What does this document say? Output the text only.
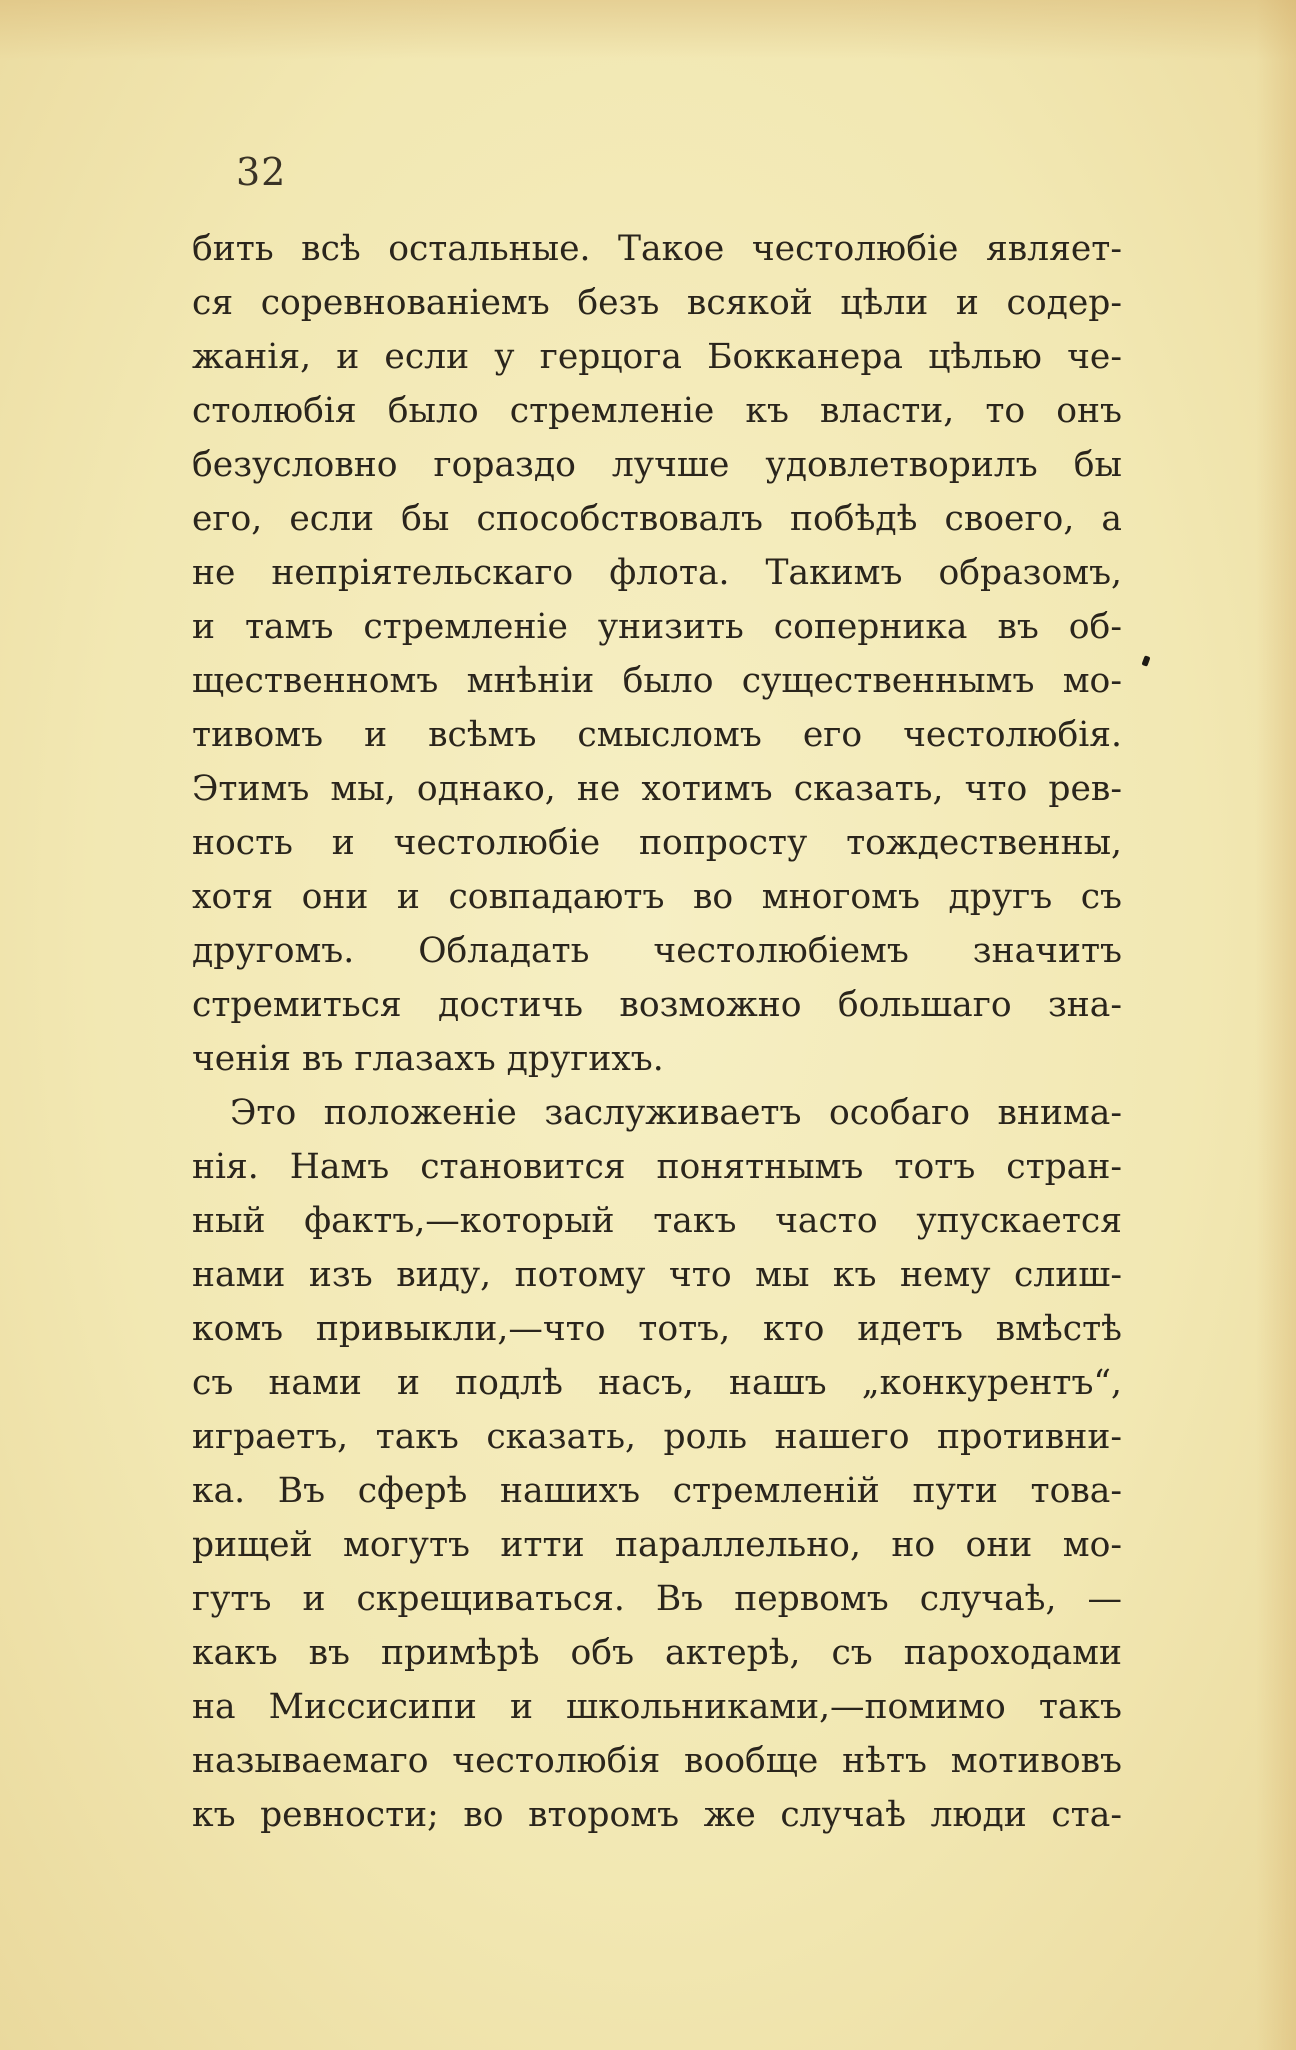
32
бить всѣ остальные. Такое честолюбіе являет-
ся соревнованіемъ безъ всякой цѣли и содер-
жанія, и если у герцога Бокканера цѣлью че-
столюбія было стремленіе къ власти, то онъ
безусловно гораздо лучше удовлетворилъ бы
его, если бы способствовалъ побѣдѣ своего, а
не непріятельскаго флота. Такимъ образомъ,
и тамъ стремленіе унизить соперника въ об-
щественномъ мнѣніи было существеннымъ мо-
тивомъ и всѣмъ смысломъ его честолюбія.
Этимъ мы, однако, не хотимъ сказать, что рев-
ность и честолюбіе попросту тождественны,
хотя они и совпадаютъ во многомъ другъ съ
другомъ. Обладать честолюбіемъ значитъ
стремиться достичь возможно большаго зна-
ченія въ глазахъ другихъ.
Это положеніе заслуживаетъ особаго внима-
нія. Намъ становится понятнымъ тотъ стран-
ный фактъ,—который такъ часто упускается
нами изъ виду, потому что мы къ нему слиш-
комъ привыкли,—что тотъ, кто идетъ вмѣстѣ
съ нами и подлѣ насъ, нашъ „конкурентъ“,
играетъ, такъ сказать, роль нашего противни-
ка. Въ сферѣ нашихъ стремленій пути това-
рищей могутъ итти параллельно, но они мо-
гутъ и скрещиваться. Въ первомъ случаѣ, —
какъ въ примѣрѣ объ актерѣ, съ пароходами
на Миссисипи и школьниками,—помимо такъ
называемаго честолюбія вообще нѣтъ мотивовъ
къ ревности; во второмъ же случаѣ люди ста-
